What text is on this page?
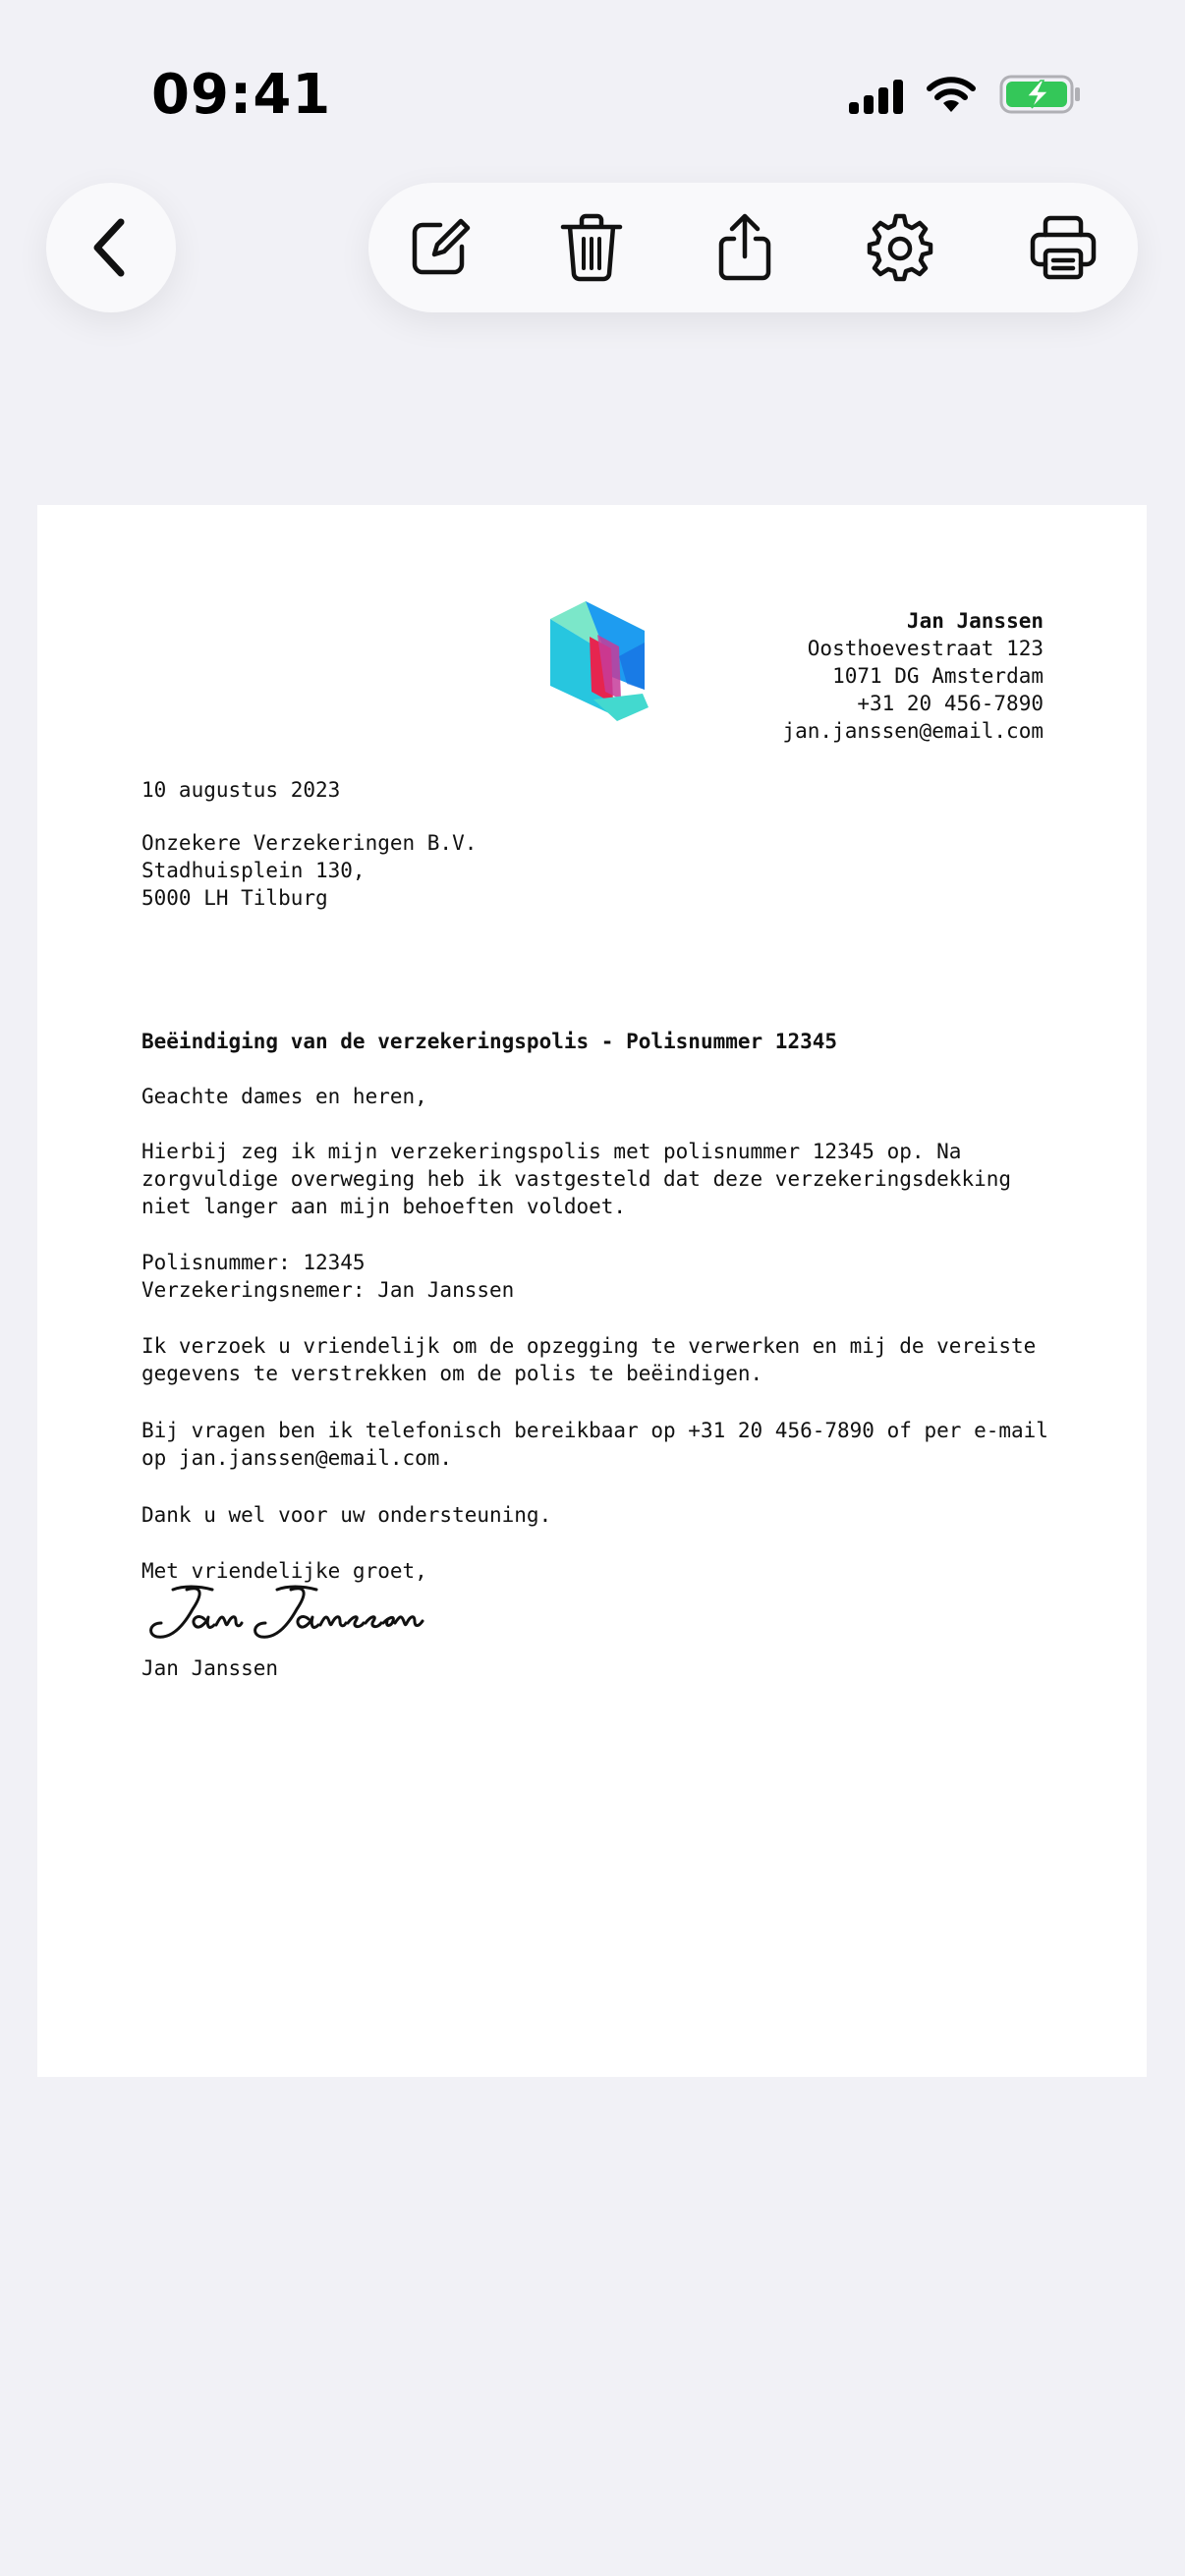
09:41
Jan Janssen
Oosthoevestraat 123
1071 DG Amsterdam
+31 20 456-7890
jan.janssen@email.com
10 augustus 2023
Onzekere Verzekeringen B.V.
Stadhuisplein 130,
5000 LH Tilburg
Beëindiging van de verzekeringspolis - Polisnummer 12345
Geachte dames en heren,
Hierbij zeg ik mijn verzekeringspolis met polisnummer 12345 op. Na
zorgvuldige overweging heb ik vastgesteld dat deze verzekeringsdekking
niet langer aan mijn behoeften voldoet.
Polisnummer: 12345
Verzekeringsnemer: Jan Janssen
Ik verzoek u vriendelijk om de opzegging te verwerken en mij de vereiste
gegevens te verstrekken om de polis te beëindigen.
Bij vragen ben ik telefonisch bereikbaar op +31 20 456-7890 of per e-mail
op jan.janssen@email.com.
Dank u wel voor uw ondersteuning.
Met vriendelijke groet,
Jan Janssen
